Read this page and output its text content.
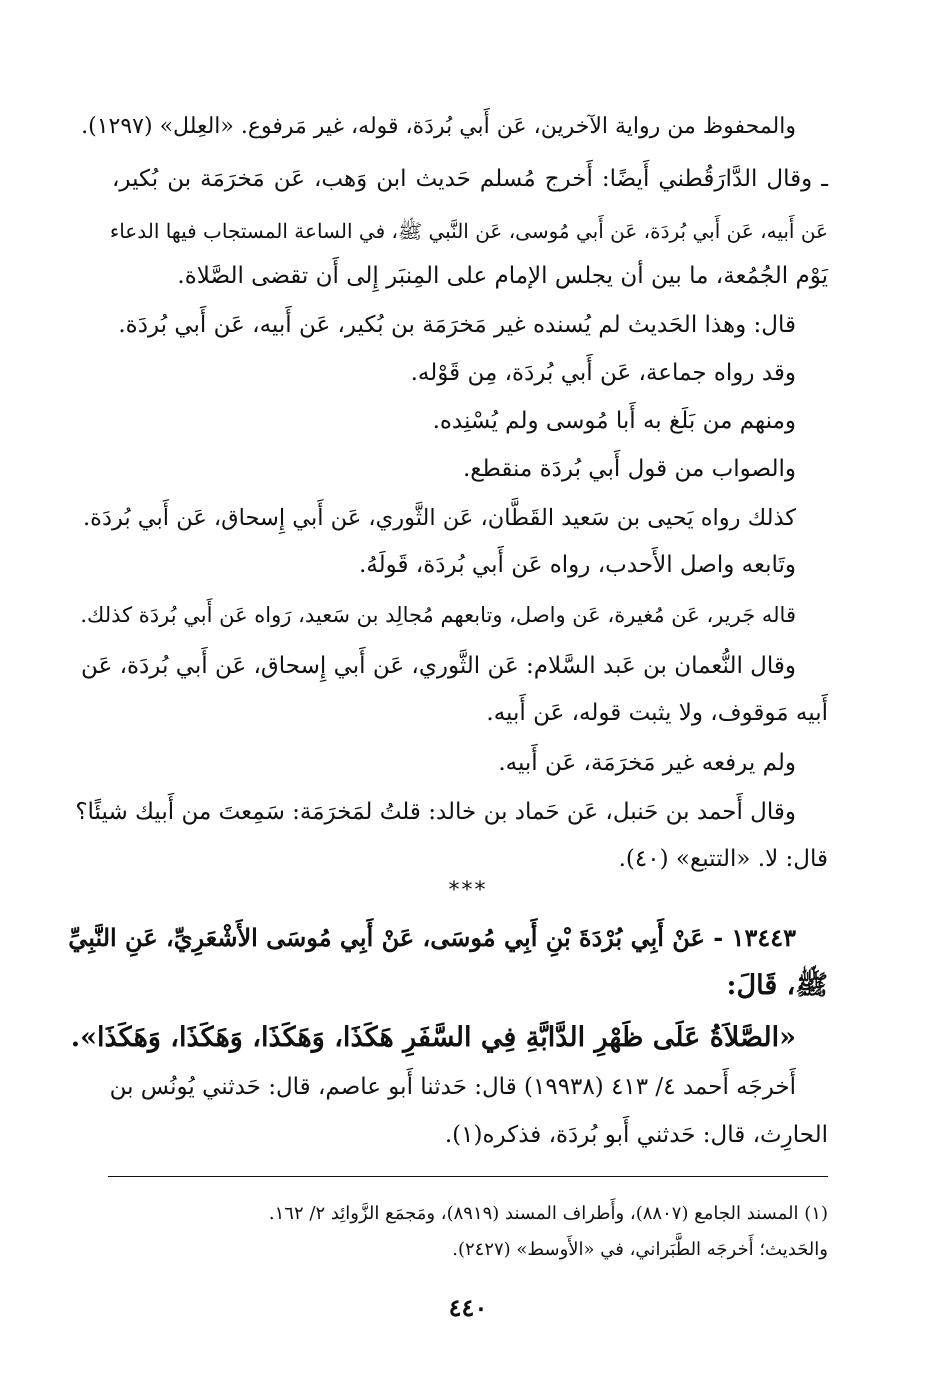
والمحفوظ من رواية الآخرين، عَن أَبي بُردَة، قوله، غير مَرفوع. «العِلل» (١٢٩٧).
ـ وقال الدَّارَقُطني أَيضًا: أَخرج مُسلم حَديث ابن وَهب، عَن مَخرَمَة بن بُكير،
عَن أَبيه، عَن أَبي بُردَة، عَن أَبي مُوسى، عَن النَّبي ﷺ، في الساعة المستجاب فيها الدعاء
يَوْم الجُمُعة، ما بين أن يجلس الإمام على المِنبَر إِلى أَن تقضى الصَّلاة.
قال: وهذا الحَديث لم يُسنده غير مَخرَمَة بن بُكير، عَن أَبيه، عَن أَبي بُردَة.
وقد رواه جماعة، عَن أَبي بُردَة، مِن قَوْله.
ومنهم من بَلَغ به أَبا مُوسى ولم يُسْنِده.
والصواب من قول أَبي بُردَة منقطع.
كذلك رواه يَحيى بن سَعيد القَطَّان، عَن الثَّوري، عَن أَبي إِسحاق، عَن أَبي بُردَة.
وتَابعه واصل الأَحدب، رواه عَن أَبي بُردَة، قَولَهُ.
قاله جَرير، عَن مُغيرة، عَن واصل، وتابعهم مُجالِد بن سَعيد، رَواه عَن أَبي بُردَة كذلك.
وقال النُّعمان بن عَبد السَّلام: عَن الثَّوري، عَن أَبي إِسحاق، عَن أَبي بُردَة، عَن
أَبيه مَوقوف، ولا يثبت قوله، عَن أَبيه.
ولم يرفعه غير مَخرَمَة، عَن أَبيه.
وقال أَحمد بن حَنبل، عَن حَماد بن خالد: قلتُ لمَخرَمَة: سَمِعتَ من أَبيك شيئًا؟
قال: لا. «التتبع» (٤٠).
***
١٣٤٤٣ - عَنْ أَبِي بُرْدَةَ بْنِ أَبِي مُوسَى، عَنْ أَبِي مُوسَى الأَشْعَرِيِّ، عَنِ النَّبِيِّ
ﷺ، قَالَ:
«الصَّلاَةُ عَلَى ظَهْرِ الدَّابَّةِ فِي السَّفَرِ هَكَذَا، وَهَكَذَا، وَهَكَذَا، وَهَكَذَا».
أَخرجَه أَحمد ٤/ ٤١٣ (١٩٩٣٨) قال: حَدثنا أَبو عاصم، قال: حَدثني يُونُس بن
الحارِث، قال: حَدثني أَبو بُردَة، فذكره(١).
(١) المسند الجامع (٨٨٠٧)، وأَطراف المسند (٨٩١٩)، ومَجمَع الزَّوائِد ٢/ ١٦٢.
والحَديث؛ أَخرجَه الطَّبَراني، في «الأَوسط» (٢٤٢٧).
٤٤٠
